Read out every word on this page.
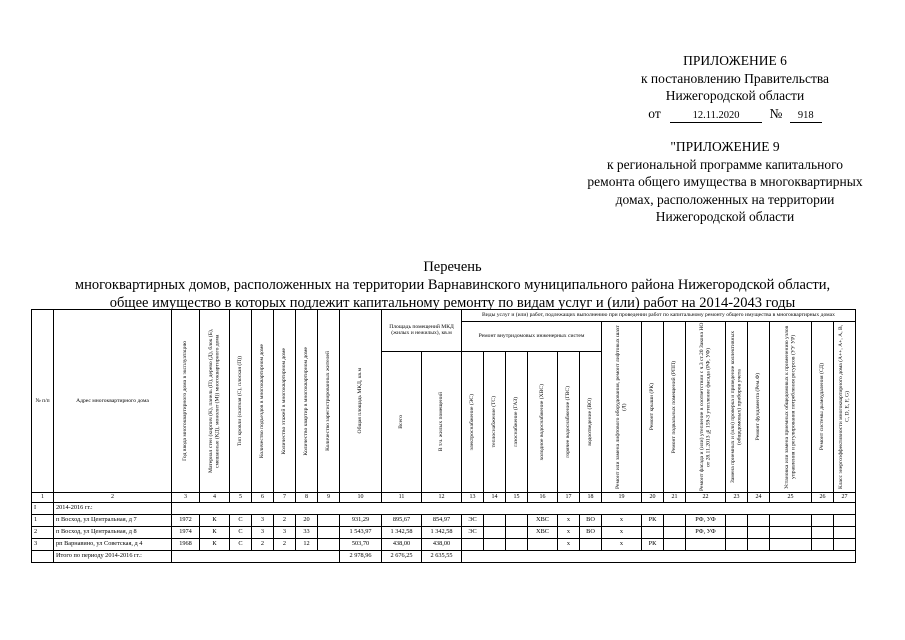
ПРИЛОЖЕНИЕ 6
к постановлению Правительства
Нижегородской области
от	12.11.2020 № 918
"ПРИЛОЖЕНИЕ 9
к региональной программе капитального
ремонта общего имущества в многоквартирных
домах, расположенных на территории
Нижегородской области
Перечень
многоквартирных домов, расположенных на территории Варнавинского муниципального района Нижегородской области,
общее имущество в которых подлежит капитальному ремонту по видам услуг и (или) работ на 2014-2043 годы
№ п/п	Адрес многоквартирного дома	Год ввода многоквартирного дома в эксплуатацию	Материал стен (кирпич (К), панель (П), дерево (Д), блок (Б), смешанные (КД), монолит (М)) многоквартирного дома	Тип кровли (скатная (С), плоская (П))	Количество подъездов в многоквартирном доме	Количество этажей в многоквартирном доме	Количество квартир в многоквартирном доме	Количество зарегистрированных жителей	Общая площадь МКД, кв.м	Площадь помещений МКД (жилых и нежилых), кв.м		Виды услуг и (или) работ, подлежащих выполнению при проведении работ по капитальному ремонту общего имущества в многоквартирных домах														
												Ремонт внутридомовых инженерных систем						Ремонт или замена лифтового оборудования, ремонт лифтовых шахт (Л)	Ремонт крыши (РК)	Ремонт подвальных помещений (РПП)	Ремонт фасада и (или) утепление в соответствии с ч.3 ст.20 Закона НО от 28.11.2013 №159-З утепление фасада (РФ, УФ)	Замена приемных и (или) проверка и приведение коллективных (общедомовых) приборов учета	Ремонт фундамента (Рем.Ф)	Установка или замена приемных общедомовых к применению узлов управления и регулирования потребления ресурсов (УУ УР)	Ремонт системы дымоудаления (СД)	Класс энергоэффективности многоквартирного дома (А++, А+, А, B, C, D, E, F, G)

										Всего	В т.ч. жилых помещений	электроснабжение (ЭС)	теплоснабжение (ТС)	газоснабжение (ГАЗ)	холодное водоснабжение (ХВС)	горячее водоснабжение (ГВС)	водоотведение (ВО)									

1	2	3	4	5	6	7	8	9	10	11	12	13	14	15	16	17	18	19	20	21	22	23	24	25	26	27
I	2014-2016 гг.:																									
1	п Восход, ул Центральная, д 7	1972	К	С	3	2	20		931,29	895,67	854,97	ЭС			ХВС	х	ВО	х	РК		РФ, УФ					
2	п Восход, ул Центральная, д 8	1974	К	С	3	3	33		1 543,97	1 342,58	1 342,58	ЭС			ХВС	х	ВО	х			РФ, УФ					
3	рп Варнавино, ул Советская, д 4	1968	К	С	2	2	12		503,70	438,00	438,00					х		х	РК							
	Итого по периоду 2014-2016 гг.:								2 978,96	2 676,25	2 635,55															
